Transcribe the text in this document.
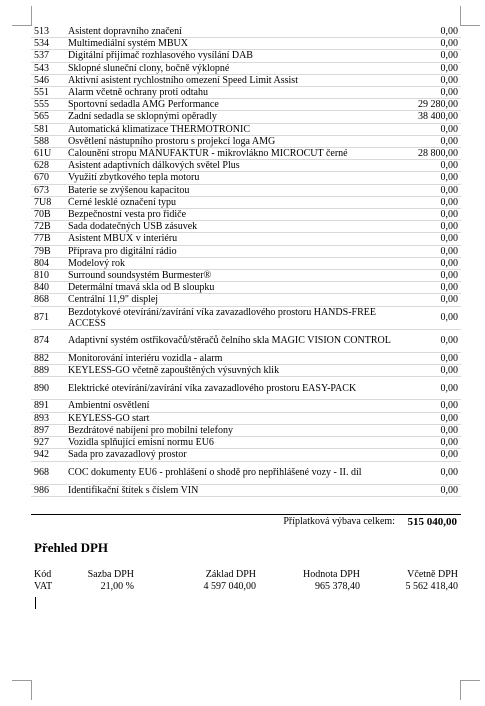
513	Asistent dopravního značení	0,00
534	Multimediální systém MBUX	0,00
537	Digitální přijímač rozhlasového vysílání DAB	0,00
543	Sklopné sluneční clony, bočně výklopné	0,00
546	Aktivní asistent rychlostního omezení Speed Limit Assist	0,00
551	Alarm včetně ochrany proti odtahu	0,00
555	Sportovní sedadla AMG Performance	29 280,00
565	Zadní sedadla se sklopnými opěradly	38 400,00
581	Automatická klimatizace THERMOTRONIC	0,00
588	Osvětlení nástupního prostoru s projekcí loga AMG	0,00
61U	Čalounění stropu MANUFAKTUR - mikrovlákno MICROCUT černé	28 800,00
628	Asistent adaptivních dálkových světel Plus	0,00
670	Využití zbytkového tepla motoru	0,00
673	Baterie se zvýšenou kapacitou	0,00
7U8	Černé lesklé označení typu	0,00
70B	Bezpečnostní vesta pro řidiče	0,00
72B	Sada dodatečných USB zásuvek	0,00
77B	Asistent MBUX v interiéru	0,00
79B	Příprava pro digitální rádio	0,00
804	Modelový rok	0,00
810	Surround soundsystém Burmester®	0,00
840	Determální tmavá skla od B sloupku	0,00
868	Centrální 11,9" displej	0,00
871	Bezdotykové otevírání/zavírání víka zavazadlového prostoru HANDS-FREE ACCESS	0,00
874	Adaptivní systém ostřikovačů/stěračů čelního skla MAGIC VISION CONTROL	0,00
882	Monitorování interiéru vozidla - alarm	0,00
889	KEYLESS-GO včetně zapouštěných výsuvných klik	0,00
890	Elektrické otevírání/zavírání víka zavazadlového prostoru EASY-PACK	0,00
891	Ambientní osvětlení	0,00
893	KEYLESS-GO start	0,00
897	Bezdrátové nabíjení pro mobilní telefony	0,00
927	Vozidla splňující emisní normu EU6	0,00
942	Sada pro zavazadlový prostor	0,00
968	COC dokumenty EU6 - prohlášení o shodě pro nepřihlášené vozy - II. díl	0,00
986	Identifikační štítek s číslem VIN	0,00
Příplatková výbava celkem: 515 040,00
Přehled DPH
Kód	Sazba DPH	Základ DPH	Hodnota DPH	Včetně DPH
VAT	21,00 %	4 597 040,00	965 378,40	5 562 418,40
